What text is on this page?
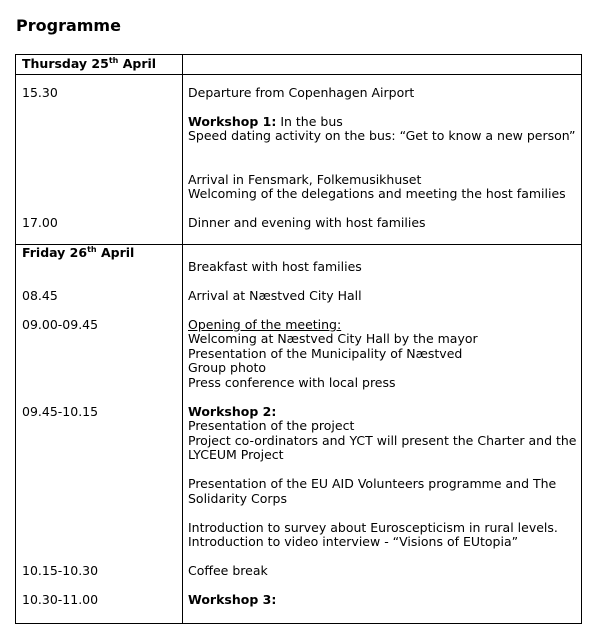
Programme
Thursday 25th April
15.30	Departure from Copenhagen Airport
Workshop 1: In the bus
Speed dating activity on the bus: “Get to know a new person”
Arrival in Fensmark, Folkemusikhuset
Welcoming of the delegations and meeting the host families
17.00	Dinner and evening with host families
Friday 26th April
Breakfast with host families
08.45	Arrival at Næstved City Hall
09.00-09.45	Opening of the meeting:
Welcoming at Næstved City Hall by the mayor
Presentation of the Municipality of Næstved
Group photo
Press conference with local press
09.45-10.15	Workshop 2:
Presentation of the project
Project co-ordinators and YCT will present the Charter and the
LYCEUM Project
Presentation of the EU AID Volunteers programme and The
Solidarity Corps
Introduction to survey about Euroscepticism in rural levels.
Introduction to video interview - “Visions of EUtopia”
10.15-10.30	Coffee break
10.30-11.00	Workshop 3:
